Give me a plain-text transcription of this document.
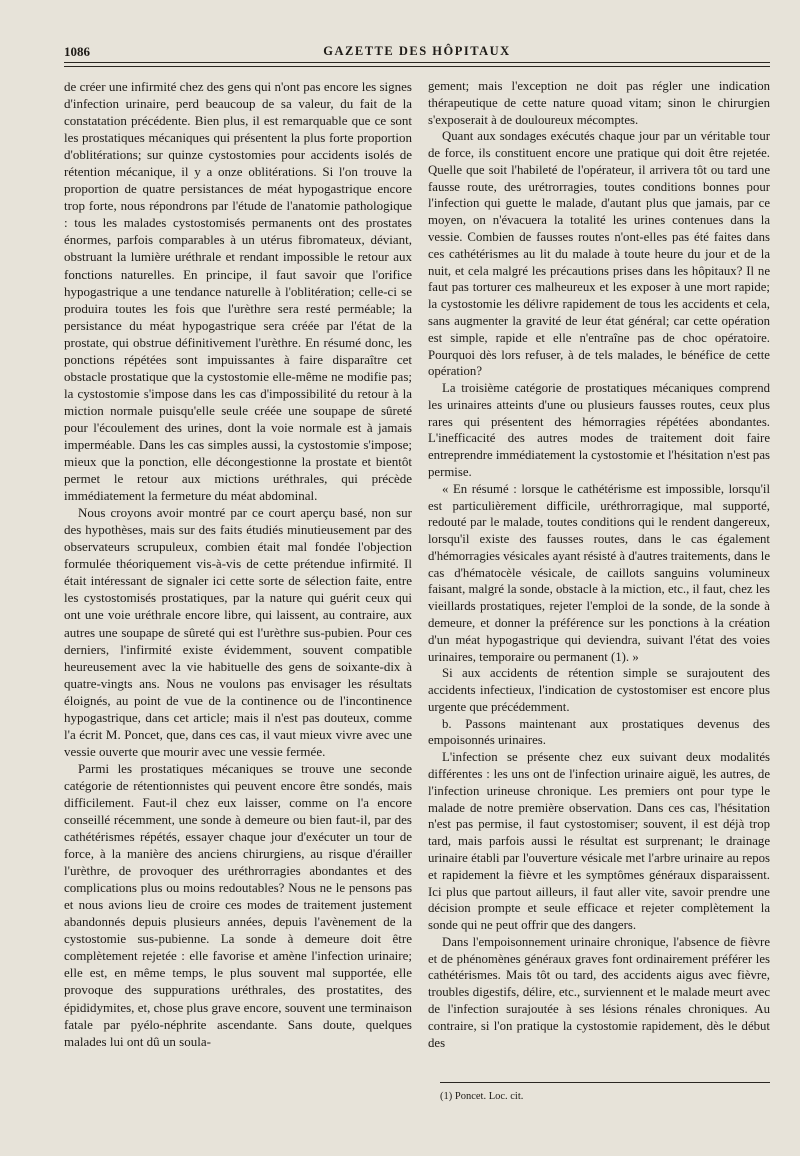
1086	GAZETTE DES HÔPITAUX

de créer une infirmité chez des gens qui n'ont pas encore les signes d'infection urinaire, perd beaucoup de sa valeur, du fait de la constatation précédente. Bien plus, il est remarquable que ce sont les prostatiques mécaniques qui présentent la plus forte proportion d'oblitérations; sur quinze cystostomies pour accidents isolés de rétention mécanique, il y a onze oblitérations. Si l'on trouve la proportion de quatre persistances de méat hypogastrique encore trop forte, nous répondrons par l'étude de l'anatomie pathologique : tous les malades cystostomisés permanents ont des prostates énormes, parfois comparables à un utérus fibromateux, déviant, obstruant la lumière uréthrale et rendant impossible le retour aux fonctions naturelles. En principe, il faut savoir que l'orifice hypogastrique a une tendance naturelle à l'oblitération; celle-ci se produira toutes les fois que l'urèthre sera resté perméable; la persistance du méat hypogastrique sera créée par l'état de la prostate, qui obstrue définitivement l'urèthre. En résumé donc, les ponctions répétées sont impuissantes à faire disparaître cet obstacle prostatique que la cystostomie elle-même ne modifie pas; la cystostomie s'impose dans les cas d'impossibilité du retour à la miction normale puisqu'elle seule créée une soupape de sûreté pour l'écoulement des urines, dont la voie normale est à jamais imperméable. Dans les cas simples aussi, la cystostomie s'impose; mieux que la ponction, elle décongestionne la prostate et bientôt permet le retour aux mictions uréthrales, qui précède immédiatement la fermeture du méat abdominal.

Nous croyons avoir montré par ce court aperçu basé, non sur des hypothèses, mais sur des faits étudiés minutieusement par des observateurs scrupuleux, combien était mal fondée l'objection formulée théoriquement vis-à-vis de cette prétendue infirmité. Il était intéressant de signaler ici cette sorte de sélection faite, entre les cystostomisés prostatiques, par la nature qui guérit ceux qui ont une voie uréthrale encore libre, qui laissent, au contraire, aux autres une soupape de sûreté qui est l'urèthre sus-pubien. Pour ces derniers, l'infirmité existe évidemment, souvent compatible heureusement avec la vie habituelle des gens de soixante-dix à quatre-vingts ans. Nous ne voulons pas envisager les résultats éloignés, au point de vue de la continence ou de l'incontinence hypogastrique, dans cet article; mais il n'est pas douteux, comme l'a écrit M. Poncet, que, dans ces cas, il vaut mieux vivre avec une vessie ouverte que mourir avec une vessie fermée.

Parmi les prostatiques mécaniques se trouve une seconde catégorie de rétentionnistes qui peuvent encore être sondés, mais difficilement. Faut-il chez eux laisser, comme on l'a encore conseillé récemment, une sonde à demeure ou bien faut-il, par des cathétérismes répétés, essayer chaque jour d'exécuter un tour de force, à la manière des anciens chirurgiens, au risque d'érailler l'urèthre, de provoquer des uréthrorragies abondantes et des complications plus ou moins redoutables? Nous ne le pensons pas et nous avions lieu de croire ces modes de traitement justement abandonnés depuis plusieurs années, depuis l'avènement de la cystostomie sus-pubienne. La sonde à demeure doit être complètement rejetée : elle favorise et amène l'infection urinaire; elle est, en même temps, le plus souvent mal supportée, elle provoque des suppurations uréthrales, des prostatites, des épididymites, et, chose plus grave encore, souvent une terminaison fatale par pyélo-néphrite ascendante. Sans doute, quelques malades lui ont dû un soula-

gement; mais l'exception ne doit pas régler une indication thérapeutique de cette nature quoad vitam; sinon le chirurgien s'exposerait à de douloureux mécomptes.

Quant aux sondages exécutés chaque jour par un véritable tour de force, ils constituent encore une pratique qui doit être rejetée. Quelle que soit l'habileté de l'opérateur, il arrivera tôt ou tard une fausse route, des urétrorragies, toutes conditions bonnes pour l'infection qui guette le malade, d'autant plus que jamais, par ce moyen, on n'évacuera la totalité les urines contenues dans la vessie. Combien de fausses routes n'ont-elles pas été faites dans ces cathétérismes au lit du malade à toute heure du jour et de la nuit, et cela malgré les précautions prises dans les hôpitaux? Il ne faut pas torturer ces malheureux et les exposer à une mort rapide; la cystostomie les délivre rapidement de tous les accidents et cela, sans augmenter la gravité de leur état général; car cette opération est simple, rapide et elle n'entraîne pas de choc opératoire. Pourquoi dès lors refuser, à de tels malades, le bénéfice de cette opération?

La troisième catégorie de prostatiques mécaniques comprend les urinaires atteints d'une ou plusieurs fausses routes, ceux plus rares qui présentent des hémorragies répétées abondantes. L'inefficacité des autres modes de traitement doit faire entreprendre immédiatement la cystostomie et l'hésitation n'est pas permise.

« En résumé : lorsque le cathétérisme est impossible, lorsqu'il est particulièrement difficile, uréthrorragique, mal supporté, redouté par le malade, toutes conditions qui le rendent dangereux, lorsqu'il existe des fausses routes, dans le cas également d'hémorragies vésicales ayant résisté à d'autres traitements, dans le cas d'hématocèle vésicale, de caillots sanguins volumineux faisant, malgré la sonde, obstacle à la miction, etc., il faut, chez les vieillards prostatiques, rejeter l'emploi de la sonde, de la sonde à demeure, et donner la préférence sur les ponctions à la création d'un méat hypogastrique qui deviendra, suivant l'état des voies urinaires, temporaire ou permanent (1). »

Si aux accidents de rétention simple se surajoutent des accidents infectieux, l'indication de cystostomiser est encore plus urgente que précédemment.

b. Passons maintenant aux prostatiques devenus des empoisonnés urinaires.

L'infection se présente chez eux suivant deux modalités différentes : les uns ont de l'infection urinaire aiguë, les autres, de l'infection urineuse chronique. Les premiers ont pour type le malade de notre première observation. Dans ces cas, l'hésitation n'est pas permise, il faut cystostomiser; souvent, il est déjà trop tard, mais parfois aussi le résultat est surprenant; le drainage urinaire établi par l'ouverture vésicale met l'arbre urinaire au repos et rapidement la fièvre et les symptômes généraux disparaissent. Ici plus que partout ailleurs, il faut aller vite, savoir prendre une décision prompte et seule efficace et rejeter complètement la sonde qui ne peut offrir que des dangers.

Dans l'empoisonnement urinaire chronique, l'absence de fièvre et de phénomènes généraux graves font ordinairement préférer les cathétérismes. Mais tôt ou tard, des accidents aigus avec fièvre, troubles digestifs, délire, etc., surviennent et le malade meurt avec de l'infection surajoutée à ses lésions rénales chroniques. Au contraire, si l'on pratique la cystostomie rapidement, dès le début des

(1) Poncet. Loc. cit.
